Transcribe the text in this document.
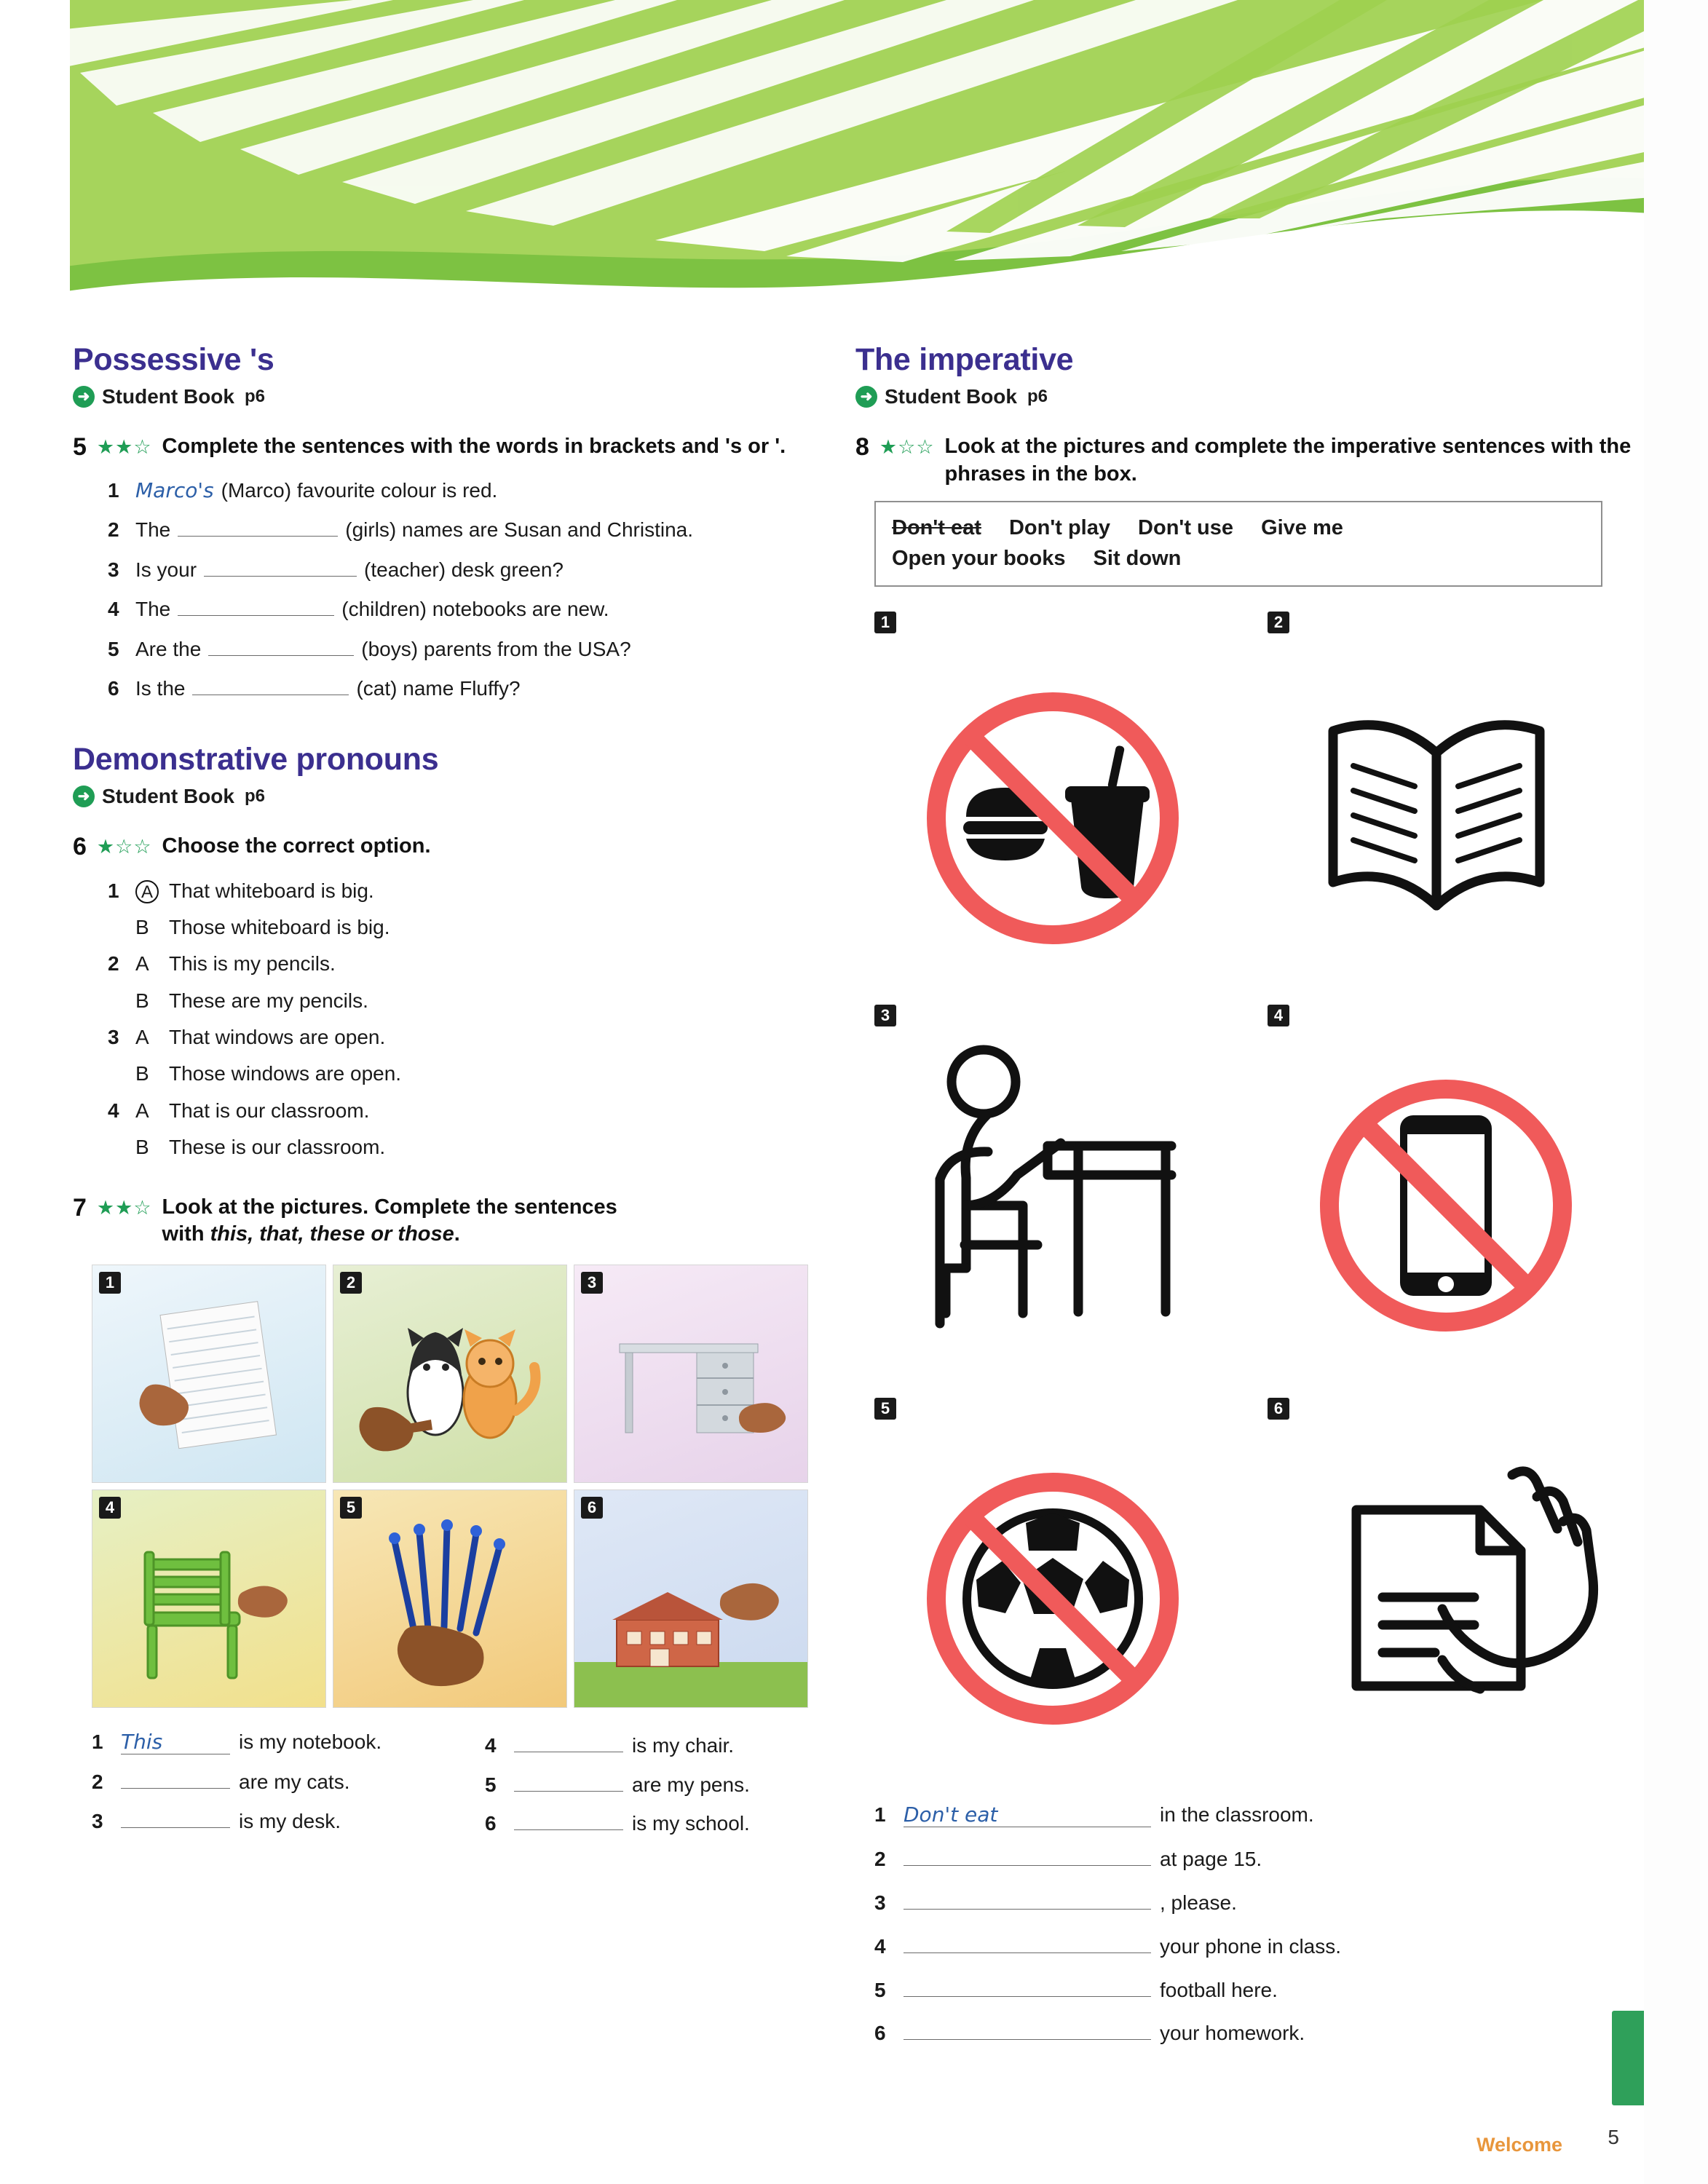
Possessive 's
➜ Student Book p6
5 ★★☆ Complete the sentences with the words in brackets and 's or '.
1 Marco's (Marco) favourite colour is red.
2 The	(girls) names are Susan and Christina.
3 Is your	(teacher) desk green?
4 The	(children) notebooks are new.
5 Are the	(boys) parents from the USA?
6 Is the	(cat) name Fluffy?
Demonstrative pronouns
➜ Student Book p6
6 ★☆☆ Choose the correct option.
1	A That whiteboard is big.
B Those whiteboard is big.
2 A This is my pencils.
B These are my pencils.
3 A That windows are open.
B Those windows are open.
4 A That is our classroom.
B These is our classroom.
7 ★★☆ Look at the pictures. Complete the sentences
with this, that, these or those.
1	2	3
4	5	6
1 This	is my notebook.
2	are my cats.
3	is my desk.
4	is my chair.
5	are my pens.
6	is my school.
The imperative
➜ Student Book p6
8 ★☆☆ Look at the pictures and complete the imperative sentences with the phrases in the box.
Don't eat Don't play Don't use Give me
Open your books Sit down
1	2
3	4
5	6
1 Don't eat	in the classroom.
2	at page 15.
3	, please.
4	your phone in class.
5	football here.
6	your homework.
Welcome 5
